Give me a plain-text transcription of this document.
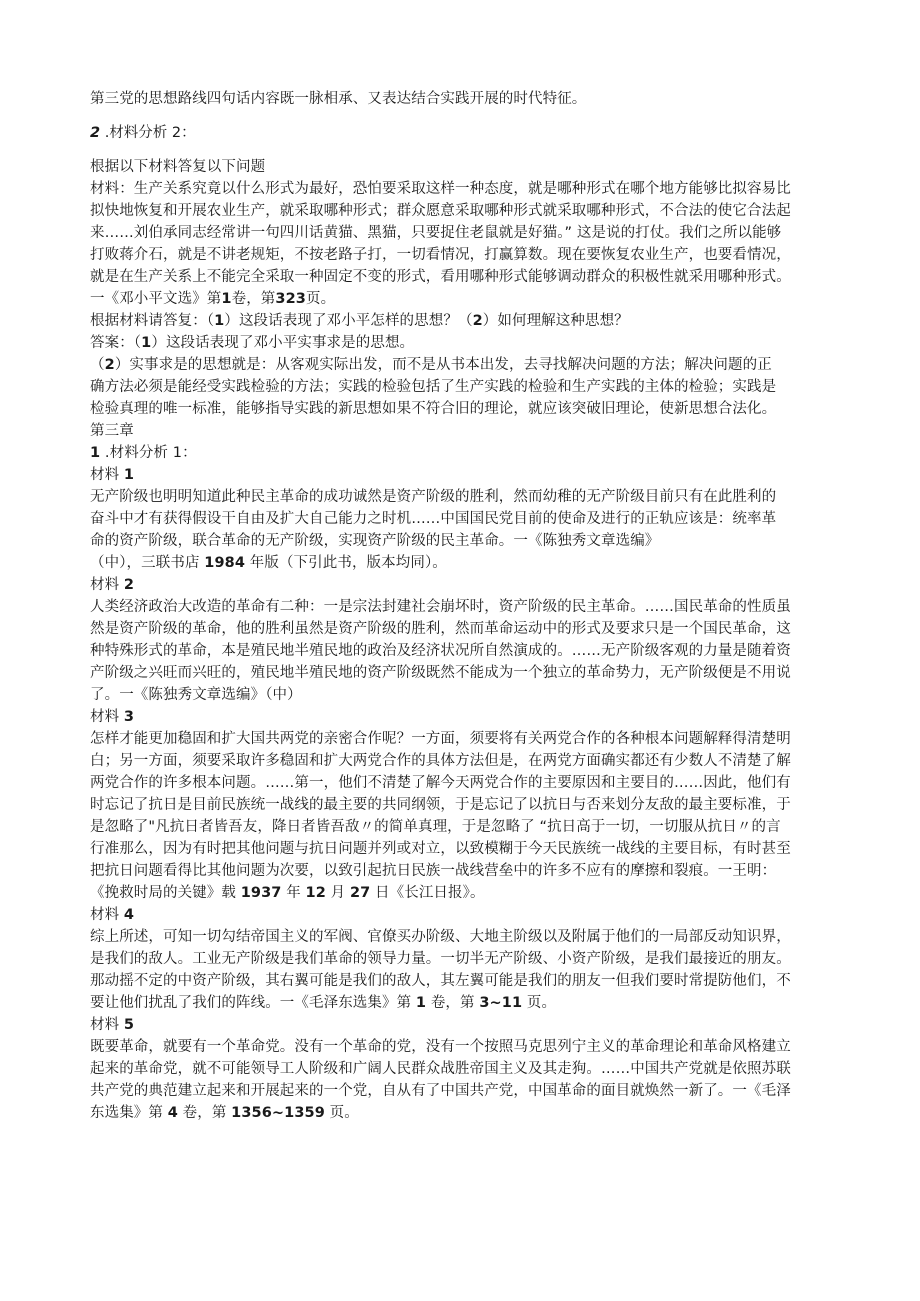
第三党的思想路线四句话内容既一脉相承、又表达结合实践开展的时代特征。

2 .材料分析 2：

根据以下材料答复以下问题

材料：生产关系究竟以什么形式为最好，恐怕要采取这样一种态度，就是哪种形式在哪个地方能够比拟容易比

拟快地恢复和开展农业生产，就采取哪种形式；群众愿意采取哪种形式就采取哪种形式，不合法的使它合法起

来……刘伯承同志经常讲一句四川话黄猫、黑猫，只要捉住老鼠就是好猫。” 这是说的打仗。我们之所以能够

打败蒋介石，就是不讲老规矩，不按老路子打，一切看情况，打赢算数。现在要恢复农业生产，也要看情况，

就是在生产关系上不能完全采取一种固定不变的形式，看用哪种形式能够调动群众的积极性就采用哪种形式。

一《邓小平文选》第1卷，第323页。

根据材料请答复：（1）这段话表现了邓小平怎样的思想？（2）如何理解这种思想？

答案：（1）这段话表现了邓小平实事求是的思想。

（2）实事求是的思想就是：从客观实际出发，而不是从书本出发，去寻找解决问题的方法；解决问题的正

确方法必须是能经受实践检验的方法；实践的检验包括了生产实践的检验和生产实践的主体的检验；实践是

检验真理的唯一标准，能够指导实践的新思想如果不符合旧的理论，就应该突破旧理论，使新思想合法化。

第三章

1 .材料分析 1：

材料 1

无产阶级也明明知道此种民主革命的成功诚然是资产阶级的胜利，然而幼稚的无产阶级目前只有在此胜利的

奋斗中才有获得假设干自由及扩大自己能力之时机……中国国民党目前的使命及进行的正轨应该是：统率革

命的资产阶级，联合革命的无产阶级，实现资产阶级的民主革命。一《陈独秀文章选编》

（中），三联书店 1984 年版（下引此书，版本均同）。

材料 2

人类经济政治大改造的革命有二种：一是宗法封建社会崩坏时，资产阶级的民主革命。……国民革命的性质虽

然是资产阶级的革命，他的胜利虽然是资产阶级的胜利，然而革命运动中的形式及要求只是一个国民革命，这

种特殊形式的革命，本是殖民地半殖民地的政治及经济状况所自然演成的。……无产阶级客观的力量是随着资

产阶级之兴旺而兴旺的，殖民地半殖民地的资产阶级既然不能成为一个独立的革命势力，无产阶级便是不用说

了。一《陈独秀文章选编》（中）

材料 3

怎样才能更加稳固和扩大国共两党的亲密合作呢？一方面，须要将有关两党合作的各种根本问题解释得清楚明

白；另一方面，须要采取许多稳固和扩大两党合作的具体方法但是，在两党方面确实都还有少数人不清楚了解

两党合作的许多根本问题。……第一，他们不清楚了解今天两党合作的主要原因和主要目的……因此，他们有

时忘记了抗日是目前民族统一战线的最主要的共同纲领，于是忘记了以抗日与否来划分友敌的最主要标准，于

是忽略了"凡抗日者皆吾友，降日者皆吾敌〃的简单真理，于是忽略了 “抗日高于一切，一切服从抗日〃的言

行准那么，因为有时把其他问题与抗日问题并列或对立，以致模糊于今天民族统一战线的主要目标，有时甚至

把抗日问题看得比其他问题为次要，以致引起抗日民族一战线营垒中的许多不应有的摩擦和裂痕。一王明：

《挽救时局的关键》载 1937 年 12 月 27 日《长江日报》。

材料 4

综上所述，可知一切勾结帝国主义的军阀、官僚买办阶级、大地主阶级以及附属于他们的一局部反动知识界，

是我们的敌人。工业无产阶级是我们革命的领导力量。一切半无产阶级、小资产阶级，是我们最接近的朋友。

那动摇不定的中资产阶级，其右翼可能是我们的敌人，其左翼可能是我们的朋友一但我们要时常提防他们，不

要让他们扰乱了我们的阵线。一《毛泽东选集》第 1 卷，第 3~11 页。

材料 5

既要革命，就要有一个革命党。没有一个革命的党，没有一个按照马克思列宁主义的革命理论和革命风格建立

起来的革命党，就不可能领导工人阶级和广阔人民群众战胜帝国主义及其走狗。……中国共产党就是依照苏联

共产党的典范建立起来和开展起来的一个党，自从有了中国共产党，中国革命的面目就焕然一新了。一《毛泽

东选集》第 4 卷，第 1356~1359 页。
